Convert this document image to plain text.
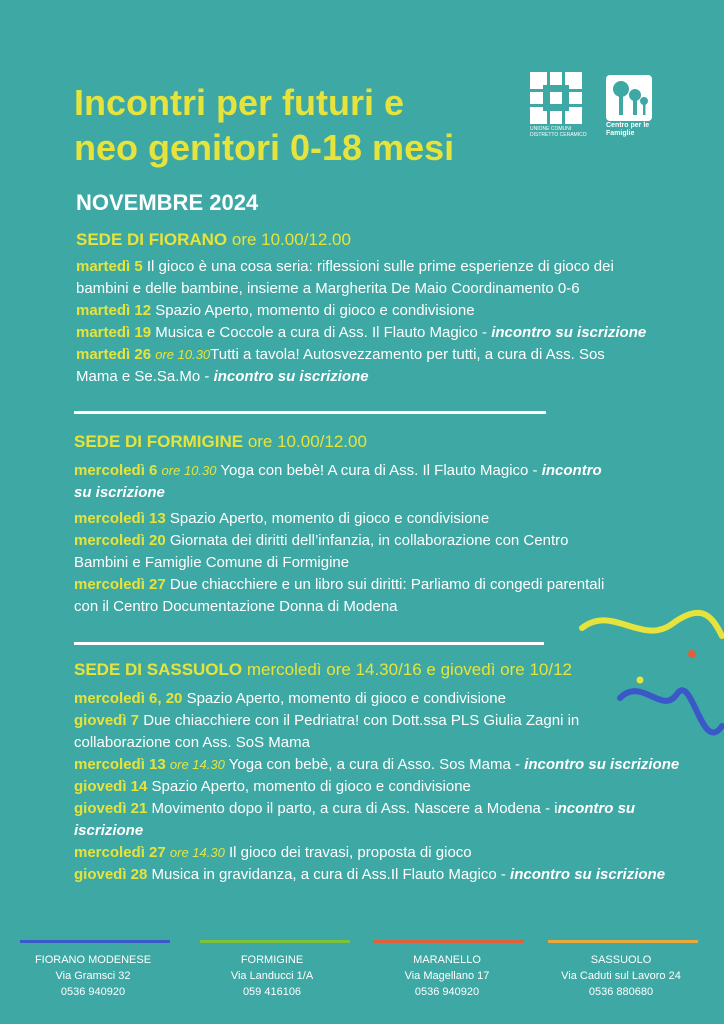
Incontri per futuri e
neo genitori 0-18 mesi	UNIONE COMUNI DISTRETTO CERAMICO
Centro per le Famiglie
NOVEMBRE 2024
SEDE DI FIORANO ore 10.00/12.00
martedì 5 Il gioco è una cosa seria: riflessioni sulle prime esperienze di gioco dei
bambini e delle bambine, insieme a Margherita De Maio Coordinamento 0-6
martedì 12 Spazio Aperto, momento di gioco e condivisione
martedì 19 Musica e Coccole a cura di Ass. Il Flauto Magico - incontro su iscrizione
martedì 26 ore 10.30Tutti a tavola! Autosvezzamento per tutti, a cura di Ass. Sos
Mama e Se.Sa.Mo - incontro su iscrizione
SEDE DI FORMIGINE ore 10.00/12.00
mercoledì 6 ore 10.30 Yoga con bebè! A cura di Ass. Il Flauto Magico - incontro
su iscrizione
mercoledì 13 Spazio Aperto, momento di gioco e condivisione
mercoledì 20 Giornata dei diritti dell’infanzia, in collaborazione con Centro
Bambini e Famiglie Comune di Formigine
mercoledì 27 Due chiacchiere e un libro sui diritti: Parliamo di congedi parentali
con il Centro Documentazione Donna di Modena
SEDE DI SASSUOLO mercoledì ore 14.30/16 e giovedì ore 10/12
mercoledì 6, 20 Spazio Aperto, momento di gioco e condivisione
giovedì 7 Due chiacchiere con il Pedriatra! con Dott.ssa PLS Giulia Zagni in
collaborazione con Ass. SoS Mama
mercoledì 13 ore 14.30 Yoga con bebè, a cura di Asso. Sos Mama - incontro su iscrizione
giovedì 14 Spazio Aperto, momento di gioco e condivisione
giovedì 21 Movimento dopo il parto, a cura di Ass. Nascere a Modena - incontro su
iscrizione
mercoledì 27 ore 14.30 Il gioco dei travasi, proposta di gioco
giovedì 28 Musica in gravidanza, a cura di Ass.Il Flauto Magico - incontro su iscrizione
FIORANO MODENESE
Via Gramsci 32
0536 940920
FORMIGINE
Via Landucci 1/A
059 416106
MARANELLO
Via Magellano 17
0536 940920
SASSUOLO
Via Caduti sul Lavoro 24
0536 880680
